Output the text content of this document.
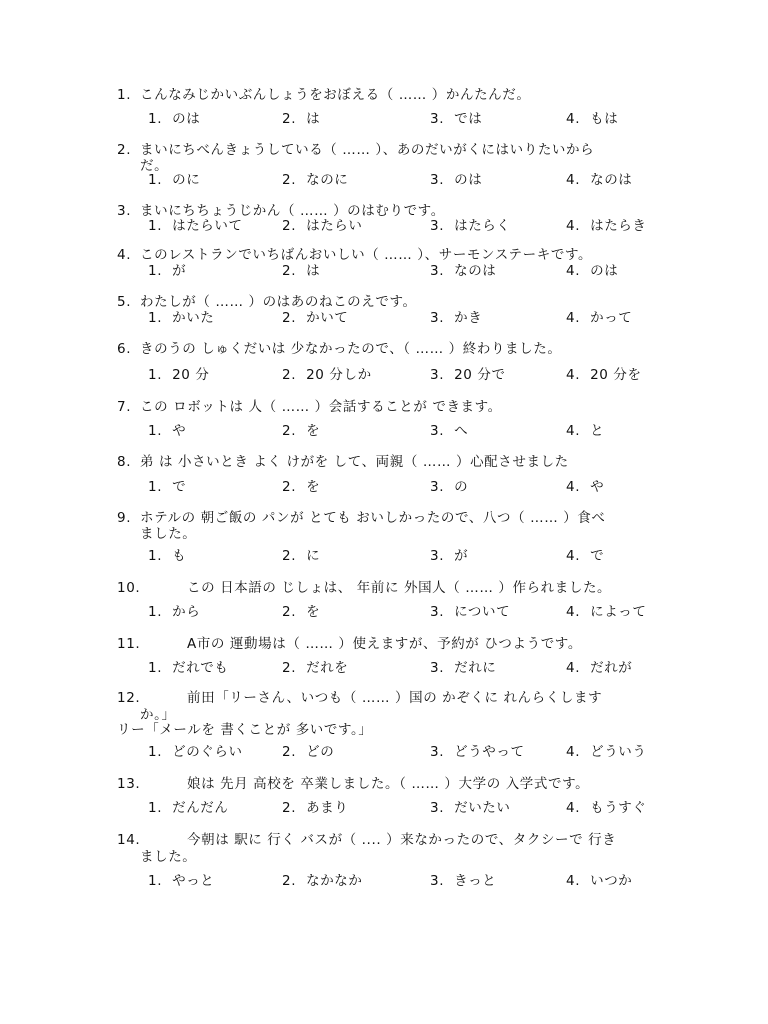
1. こんなみじかいぶんしょうをおぼえる（ …… ）かんたんだ。
1. のは	2. は	3. では	4. もは
2. まいにちべんきょうしている（ …… ）、あのだいがくにはいりたいから
だ。
1. のに	2. なのに	3. のは	4. なのは
3. まいにちちょうじかん（ …… ）のはむりです。
1. はたらいて	2. はたらい	3. はたらく	4. はたらき
4. このレストランでいちばんおいしい（ …… ）、サーモンステーキです。
1. が	2. は	3. なのは	4. のは
5. わたしが（ …… ）のはあのねこのえです。
1. かいた	2. かいて	3. かき	4. かって
6. きのうの しゅくだいは 少なかったので、（ …… ）終わりました。
1. 20 分	2. 20 分しか	3. 20 分で	4. 20 分を
7. この ロボットは 人（ …… ）会話することが できます。
1. や	2. を	3. へ	4. と
8. 弟 は 小さいとき よく けがを して、両親（ …… ）心配させました
1. で	2. を	3. の	4. や
9. ホテルの 朝ご飯の パンが とても おいしかったので、八つ（ …… ）食べ
ました。
1. も	2. に	3. が	4. で
10.	この 日本語の じしょは、 年前に 外国人（ …… ）作られました。
1. から	2. を	3. について	4. によって
11.	A市の 運動場は（ …… ）使えますが、予約が ひつようです。
1. だれでも	2. だれを	3. だれに	4. だれが
12.	前田「リーさん、いつも（ …… ）国の かぞくに れんらくします
か。」
リー「メールを 書くことが 多いです。」
1. どのぐらい	2. どの	3. どうやって	4. どういう
13.	娘は 先月 高校を 卒業しました。（ …… ）大学の 入学式です。
1. だんだん	2. あまり	3. だいたい	4. もうすぐ
14.	今朝は 駅に 行く バスが（ .... ）来なかったので、タクシーで 行き
ました。
1. やっと	2. なかなか	3. きっと	4. いつか
